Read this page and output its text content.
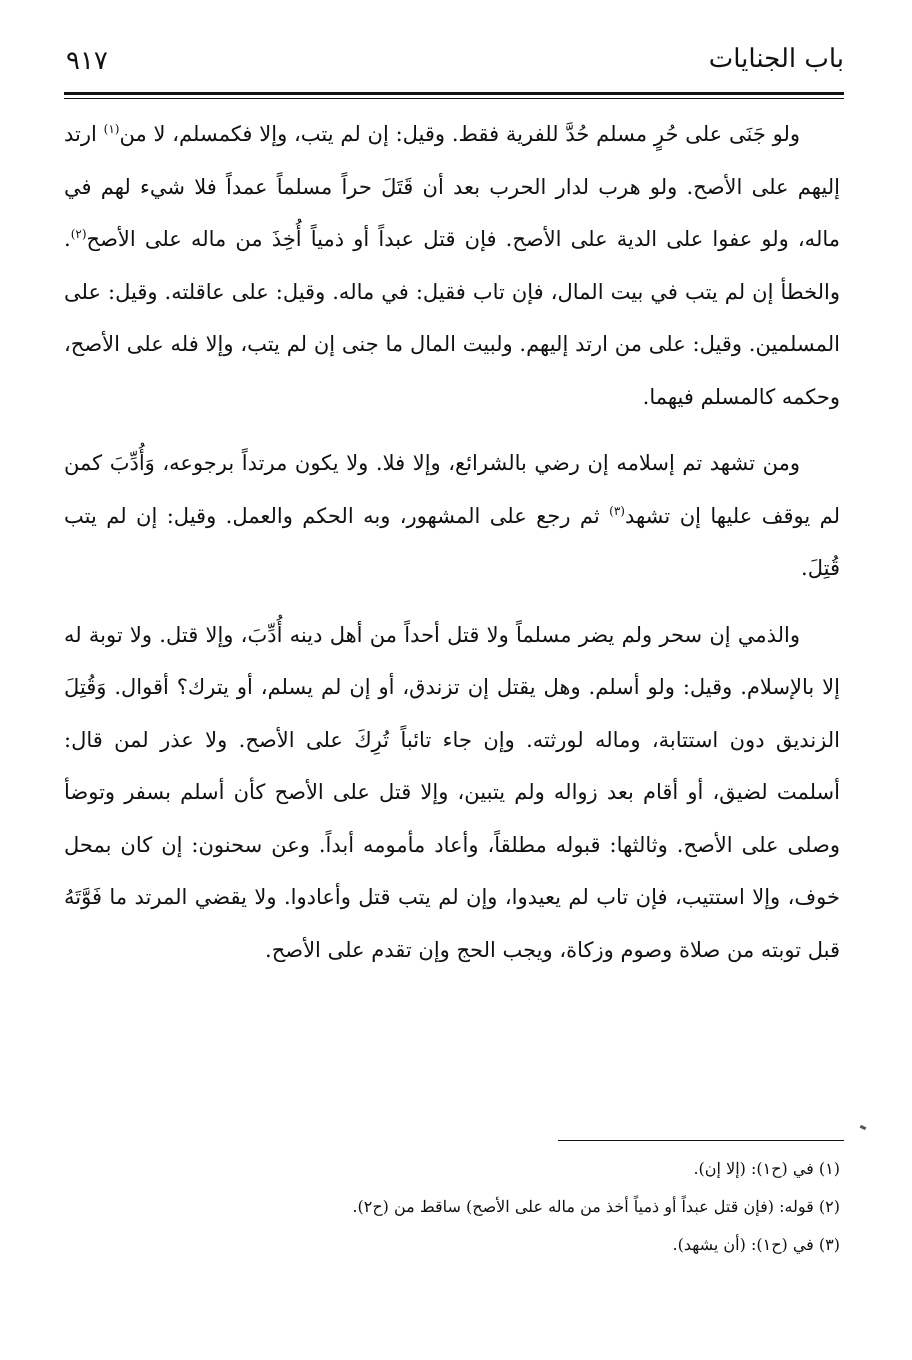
باب الجنايات
٩١٧

ولو جَنَى على حُرٍ مسلم حُدَّ للفرية فقط. وقيل: إن لم يتب، وإلا فكمسلم، لا من$^{(١)}$ ارتد إليهم على الأصح. ولو هرب لدار الحرب بعد أن قَتَلَ حراً مسلماً عمداً فلا شيء لهم في ماله، ولو عفوا على الدية على الأصح. فإن قتل عبداً أو ذمياً أُخِذَ من ماله على الأصح$^{(٢)}$. والخطأ إن لم يتب في بيت المال، فإن تاب فقيل: في ماله. وقيل: على عاقلته. وقيل: على المسلمين. وقيل: على من ارتد إليهم. ولبيت المال ما جنى إن لم يتب، وإلا فله على الأصح، وحكمه كالمسلم فيهما.

ومن تشهد تم إسلامه إن رضي بالشرائع، وإلا فلا. ولا يكون مرتداً برجوعه، وَأُدِّبَ كمن لم يوقف عليها إن تشهد$^{(٣)}$ ثم رجع على المشهور، وبه الحكم والعمل. وقيل: إن لم يتب قُتِلَ.

والذمي إن سحر ولم يضر مسلماً ولا قتل أحداً من أهل دينه أُدِّبَ، وإلا قتل. ولا توبة له إلا بالإسلام. وقيل: ولو أسلم. وهل يقتل إن تزندق، أو إن لم يسلم، أو يترك؟ أقوال. وَقُتِلَ الزنديق دون استتابة، وماله لورثته. وإن جاء تائباً تُرِكَ على الأصح. ولا عذر لمن قال: أسلمت لضيق، أو أقام بعد زواله ولم يتبين، وإلا قتل على الأصح كأن أسلم بسفر وتوضأ وصلى على الأصح. وثالثها: قبوله مطلقاً، وأعاد مأمومه أبداً. وعن سحنون: إن كان بمحل خوف، وإلا استتيب، فإن تاب لم يعيدوا، وإن لم يتب قتل وأعادوا. ولا يقضي المرتد ما فَوَّتَهُ قبل توبته من صلاة وصوم وزكاة، ويجب الحج وإن تقدم على الأصح.

(١) في (ح١): (إلا إن).
(٢) قوله: (فإن قتل عبداً أو ذمياً أخذ من ماله على الأصح) ساقط من (ح٢).
(٣) في (ح١): (أن يشهد).
